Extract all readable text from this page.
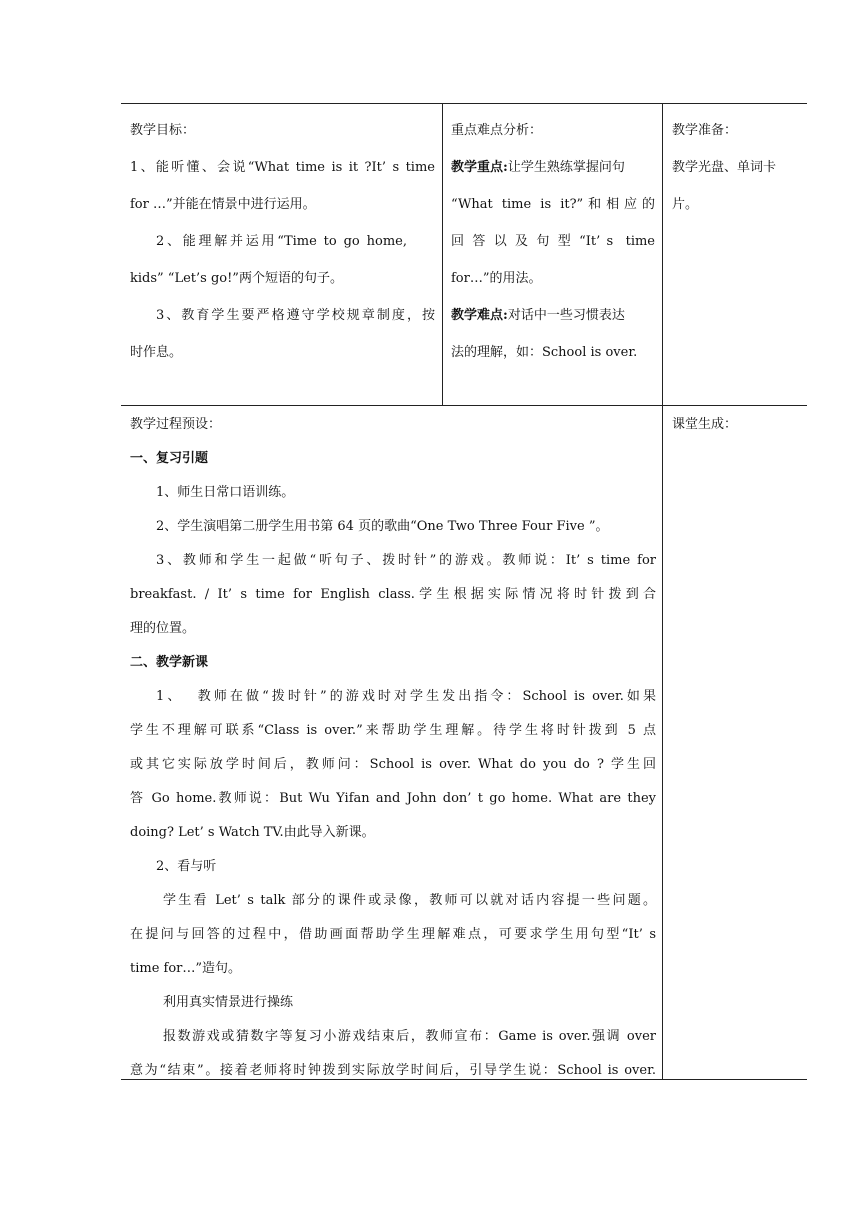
教学目标：

1、能听懂、会说“What time is it ?It’ s time

for …”并能在情景中进行运用。

2、能理解并运用“Time to go home,

kids” “Let’s go!”两个短语的句子。

3、教育学生要严格遵守学校规章制度，按

时作息。

重点难点分析：

教学重点:让学生熟练掌握问句

“What time is it?”和相应的

回 答 以 及 句 型 “It’ s  time

for…”的用法。

教学难点:对话中一些习惯表达

法的理解，如：School is over.

教学准备：

教学光盘、单词卡

片。

教学过程预设：

一、复习引题

1、师生日常口语训练。

2、学生演唱第二册学生用书第 64 页的歌曲“One Two Three Four Five ”。

3、教师和学生一起做“听句子、拨时针”的游戏。教师说：It’ s time for

breakfast. / It’ s time for English class.学生根据实际情况将时针拨到合

理的位置。

二、教学新课

1、  教师在做“拨时针”的游戏时对学生发出指令：School is over.如果

学生不理解可联系“Class is over.”来帮助学生理解。待学生将时针拨到 5 点

或其它实际放学时间后，教师问：School is over. What do you do ? 学生回

答 Go home.教师说：But Wu Yifan and John don’ t go home. What are they

doing? Let’ s Watch TV.由此导入新课。

2、看与听

学生看 Let’ s talk 部分的课件或录像，教师可以就对话内容提一些问题。

在提问与回答的过程中，借助画面帮助学生理解难点，可要求学生用句型“It’ s

time for…”造句。

利用真实情景进行操练

报数游戏或猜数字等复习小游戏结束后，教师宣布：Game is over.强调 over

意为“结束”。接着老师将时钟拨到实际放学时间后，引导学生说：School is over.

课堂生成：
